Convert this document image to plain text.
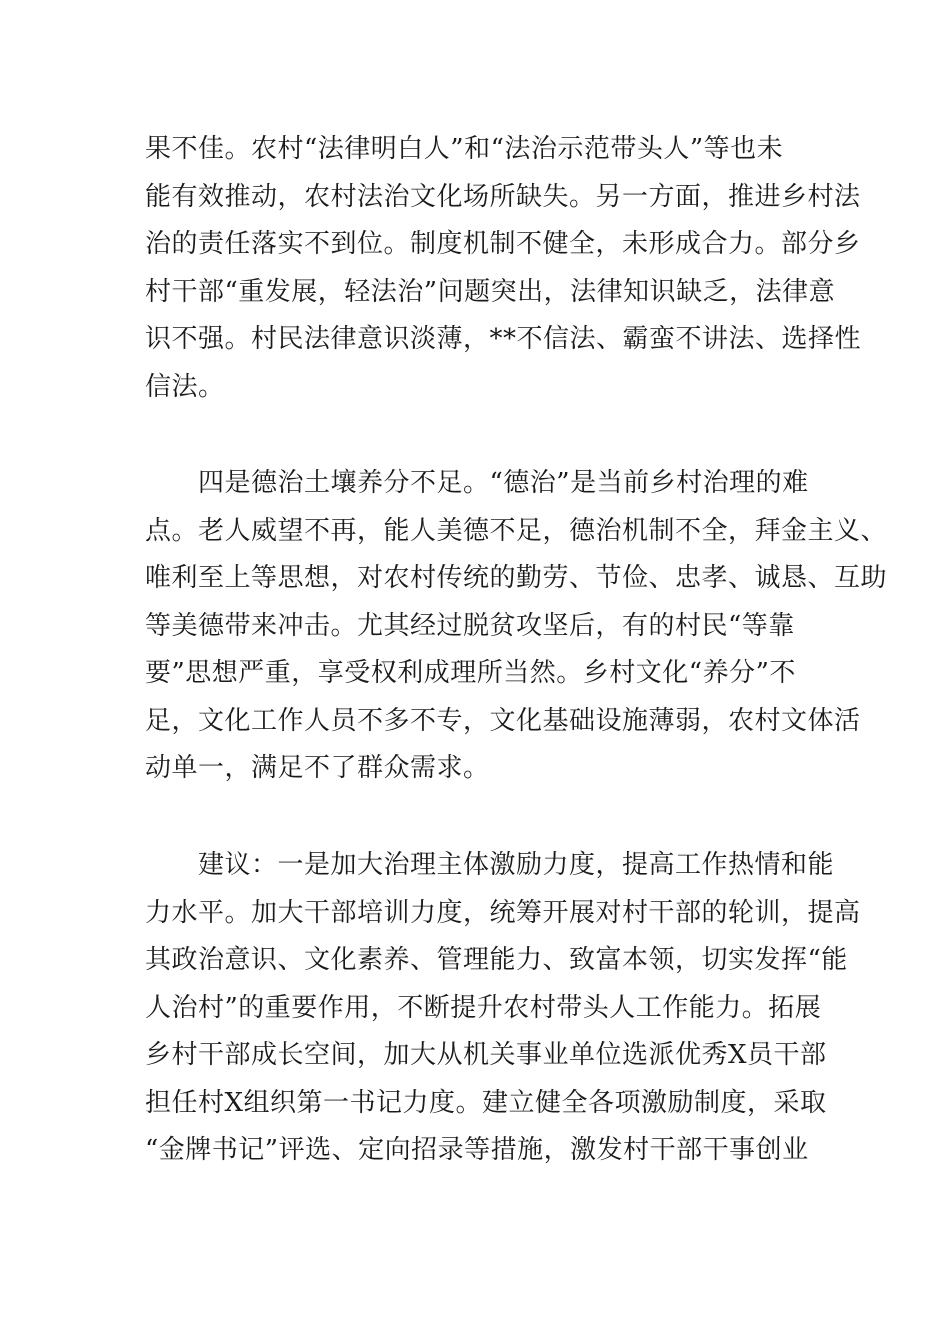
果不佳。农村“法律明白人”和“法治示范带头人”等也未
能有效推动，农村法治文化场所缺失。另一方面，推进乡村法
治的责任落实不到位。制度机制不健全，未形成合力。部分乡
村干部“重发展，轻法治”问题突出，法律知识缺乏，法律意
识不强。村民法律意识淡薄，**不信法、霸蛮不讲法、选择性
信法。
四是德治土壤养分不足。“德治”是当前乡村治理的难
点。老人威望不再，能人美德不足，德治机制不全，拜金主义、
唯利至上等思想，对农村传统的勤劳、节俭、忠孝、诚恳、互助
等美德带来冲击。尤其经过脱贫攻坚后，有的村民“等靠
要”思想严重，享受权利成理所当然。乡村文化“养分”不
足，文化工作人员不多不专，文化基础设施薄弱，农村文体活
动单一，满足不了群众需求。
建议：一是加大治理主体激励力度，提高工作热情和能
力水平。加大干部培训力度，统筹开展对村干部的轮训，提高
其政治意识、文化素养、管理能力、致富本领，切实发挥“能
人治村”的重要作用，不断提升农村带头人工作能力。拓展
乡村干部成长空间，加大从机关事业单位选派优秀X员干部
担任村X组织第一书记力度。建立健全各项激励制度，采取
“金牌书记”评选、定向招录等措施，激发村干部干事创业
